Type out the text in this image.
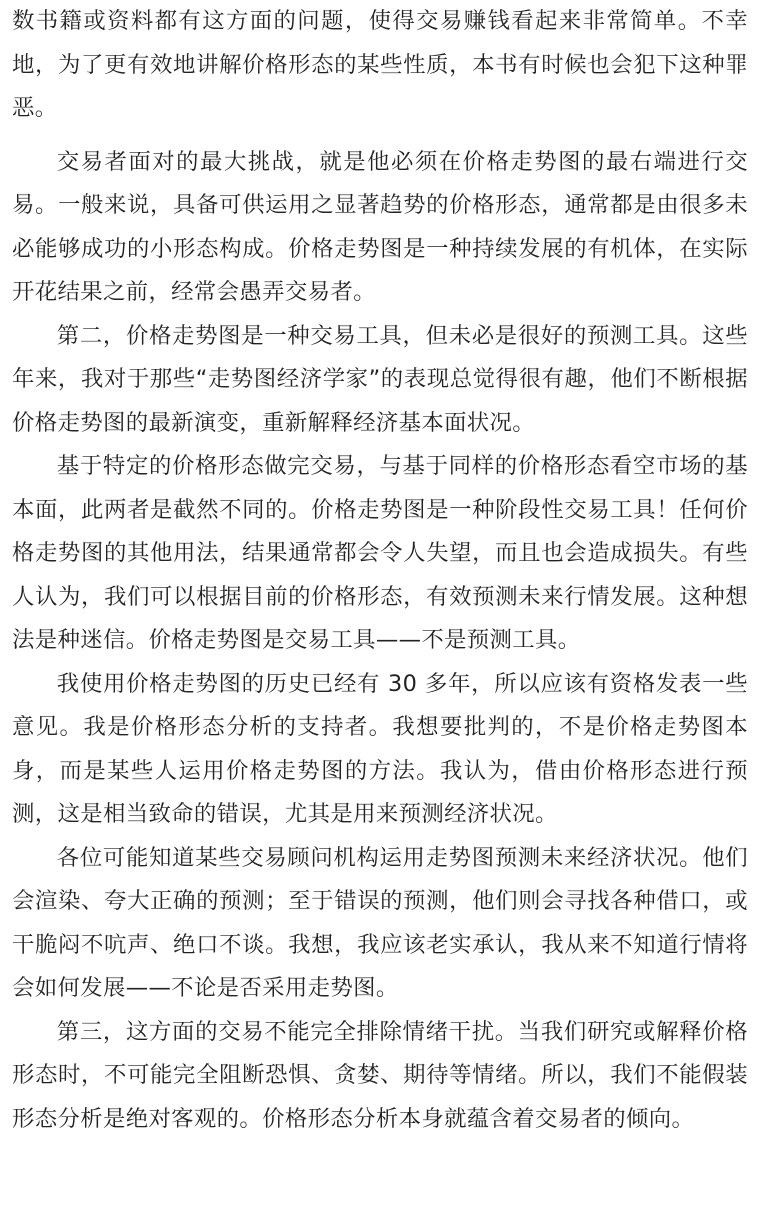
数书籍或资料都有这方面的问题，使得交易赚钱看起来非常简单。不幸地，为了更有效地讲解价格形态的某些性质，本书有时候也会犯下这种罪恶。

交易者面对的最大挑战，就是他必须在价格走势图的最右端进行交易。一般来说，具备可供运用之显著趋势的价格形态，通常都是由很多未必能够成功的小形态构成。价格走势图是一种持续发展的有机体，在实际开花结果之前，经常会愚弄交易者。

第二，价格走势图是一种交易工具，但未必是很好的预测工具。这些年来，我对于那些“走势图经济学家”的表现总觉得很有趣，他们不断根据价格走势图的最新演变，重新解释经济基本面状况。

基于特定的价格形态做完交易，与基于同样的价格形态看空市场的基本面，此两者是截然不同的。价格走势图是一种阶段性交易工具！任何价格走势图的其他用法，结果通常都会令人失望，而且也会造成损失。有些人认为，我们可以根据目前的价格形态，有效预测未来行情发展。这种想法是种迷信。价格走势图是交易工具——不是预测工具。

我使用价格走势图的历史已经有 30 多年，所以应该有资格发表一些意见。我是价格形态分析的支持者。我想要批判的，不是价格走势图本身，而是某些人运用价格走势图的方法。我认为，借由价格形态进行预测，这是相当致命的错误，尤其是用来预测经济状况。

各位可能知道某些交易顾问机构运用走势图预测未来经济状况。他们会渲染、夸大正确的预测；至于错误的预测，他们则会寻找各种借口，或干脆闷不吭声、绝口不谈。我想，我应该老实承认，我从来不知道行情将会如何发展——不论是否采用走势图。

第三，这方面的交易不能完全排除情绪干扰。当我们研究或解释价格形态时，不可能完全阻断恐惧、贪婪、期待等情绪。所以，我们不能假装形态分析是绝对客观的。价格形态分析本身就蕴含着交易者的倾向。
